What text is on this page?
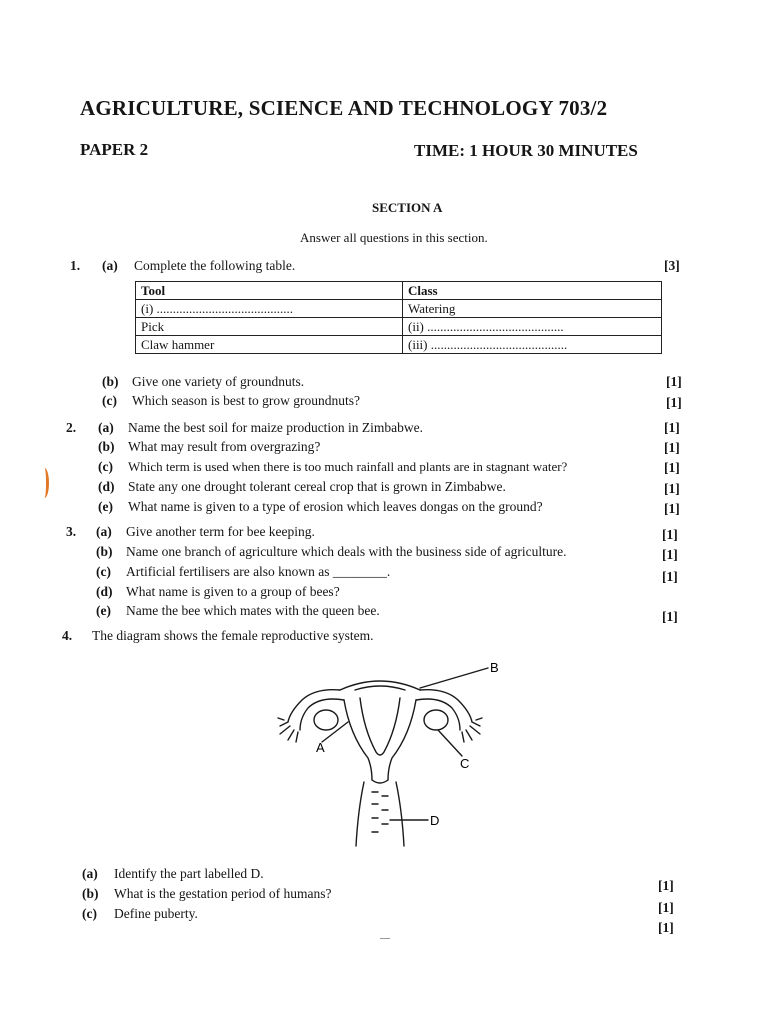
AGRICULTURE, SCIENCE AND TECHNOLOGY 703/2
PAPER 2	TIME: 1 HOUR 30 MINUTES
SECTION A
Answer all questions in this section.
1. (a) Complete the following table.	[3]
Tool	Class
(i) ..........................................	Watering
Pick	(ii) ..........................................
Claw hammer	(iii) ..........................................
(b) Give one variety of groundnuts.	[1]
(c) Which season is best to grow groundnuts?	[1]
2. (a) Name the best soil for maize production in Zimbabwe.	[1]
(b) What may result from overgrazing?	[1]
(c) Which term is used when there is too much rainfall and plants are in stagnant water?	[1]
(d) State any one drought tolerant cereal crop that is grown in Zimbabwe.	[1]
(e) What name is given to a type of erosion which leaves dongas on the ground?	[1]
3. (a) Give another term for bee keeping.	[1]
(b) Name one branch of agriculture which deals with the business side of agriculture.	[1]
(c) Artificial fertilisers are also known as ________.	[1]
(d) What name is given to a group of bees?
(e) Name the bee which mates with the queen bee.	[1]
4. The diagram shows the female reproductive system.
A
B
C
D
(a) Identify the part labelled D.
[1]
(b) What is the gestation period of humans?
[1]
(c) Define puberty.
[1]
